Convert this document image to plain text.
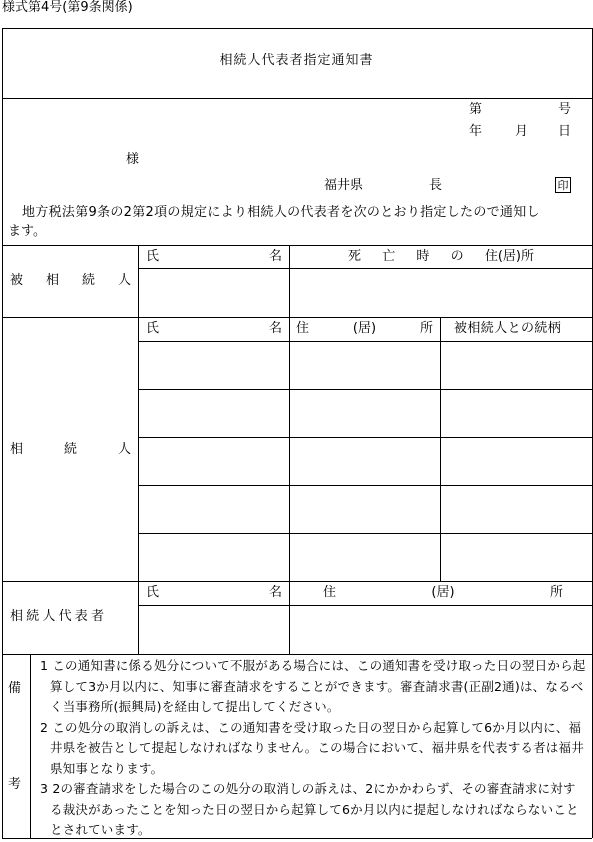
様式第4号(第9条関係)
相続人代表者指定通知書
第	号
年	月 日
様
福井県	長	印
地方税法第9条の2第2項の規定により相続人の代表者を次のとおり指定したので通知し
ます。
被 相 続 人
氏	名	死 亡 時 の 住(居)所
相	続	人
氏	名 住	(居)	所 被相続人との続柄
相続人代表者
氏	名	住	(居)	所
備
考

1 この通知書に係る処分について不服がある場合には、この通知書を受け取った日の翌日から起算して3か月以内に、知事に審査請求をすることができます。審査請求書(正副2通)は、なるべく当事務所(振興局)を経由して提出してください。

2 この処分の取消しの訴えは、この通知書を受け取った日の翌日から起算して6か月以内に、福井県を被告として提起しなければなりません。この場合において、福井県を代表する者は福井県知事となります。

3 2の審査請求をした場合のこの処分の取消しの訴えは、2にかかわらず、その審査請求に対する裁決があったことを知った日の翌日から起算して6か月以内に提起しなければならないこととされています。
